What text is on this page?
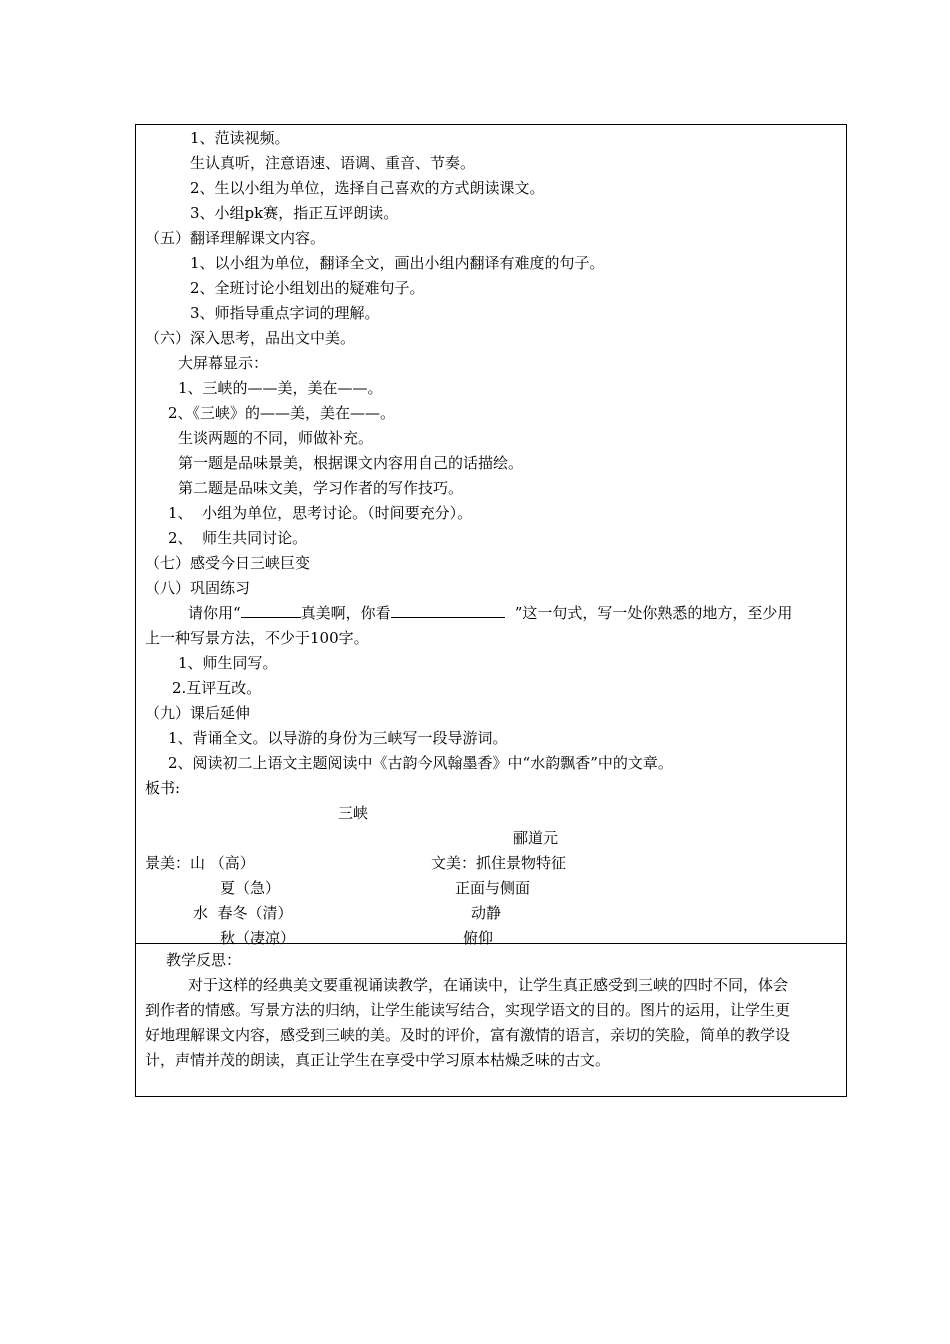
1、范读视频。
生认真听，注意语速、语调、重音、节奏。
2、生以小组为单位，选择自己喜欢的方式朗读课文。
3、小组pk赛，指正互评朗读。
（五）翻译理解课文内容。
1、以小组为单位，翻译全文，画出小组内翻译有难度的句子。
2、全班讨论小组划出的疑难句子。
3、师指导重点字词的理解。
（六）深入思考，品出文中美。
大屏幕显示：
1、三峡的——美，美在——。
2、《三峡》的——美，美在——。
生谈两题的不同，师做补充。
第一题是品味景美，根据课文内容用自己的话描绘。
第二题是品味文美，学习作者的写作技巧。
1、  小组为单位，思考讨论。（时间要充分）。
2、  师生共同讨论。
（七）感受今日三峡巨变
（八）巩固练习
请你用“	真美啊，你看	”这一句式，写一处你熟悉的地方，至少用
上一种写景方法，不少于100字。
1、师生同写。
2.互评互改。
（九）课后延伸
1、背诵全文。以导游的身份为三峡写一段导游词。
2、阅读初二上语文主题阅读中《古韵今风翰墨香》中“水韵飘香”中的文章。
板书:
三峡
郦道元
景美：山 （高）
夏（急）
水  春冬（清）
秋（凄凉）
文美：抓住景物特征
正面与侧面
动静
俯仰
教学反思：
对于这样的经典美文要重视诵读教学，在诵读中，让学生真正感受到三峡的四时不同，体会
到作者的情感。写景方法的归纳，让学生能读写结合，实现学语文的目的。图片的运用，让学生更
好地理解课文内容，感受到三峡的美。及时的评价，富有激情的语言，亲切的笑脸，简单的教学设
计，声情并茂的朗读，真正让学生在享受中学习原本枯燥乏味的古文。
